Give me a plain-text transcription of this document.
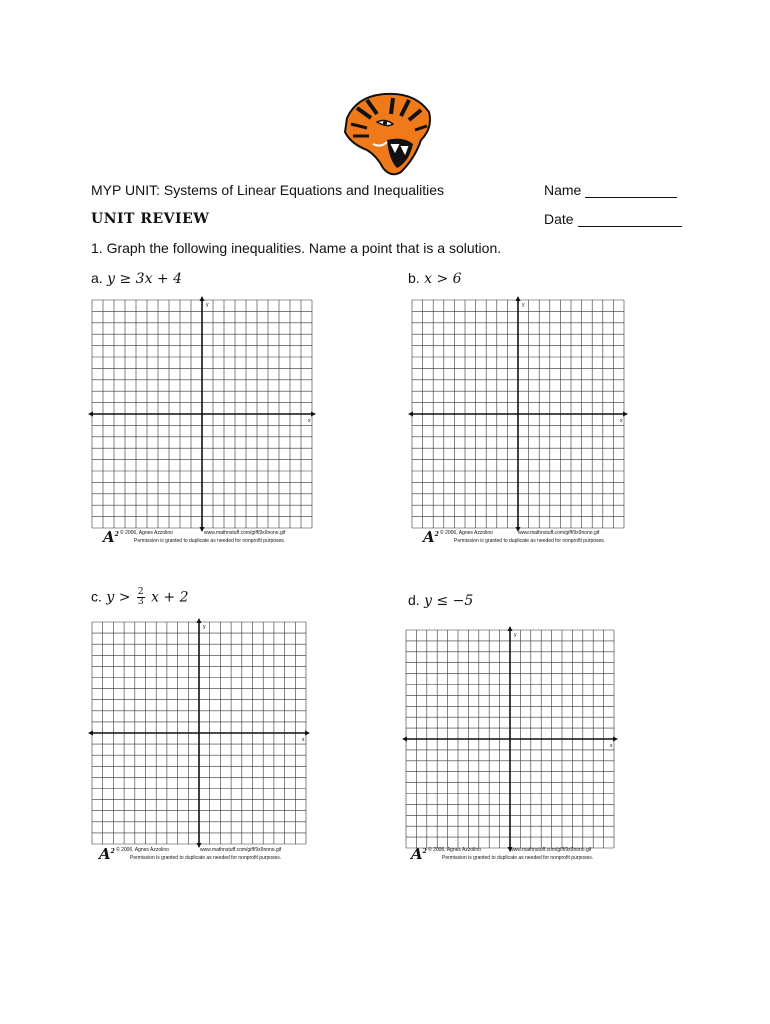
MYP UNIT: Systems of Linear Equations and Inequalities	Name
UNIT REVIEW	Date
1. Graph the following inequalities. Name a point that is a solution.
a. y ≥ 3x + 4	b. x > 6
c. $y > \frac{2}{3}$ x + 2	d. y ≤ −5
y
x
y
x
y
x
y
x
$A^2$ © 2006, Agnes Azzolino	www.mathnstuff.com/giff/9x9nono.gif
Permission is granted to duplicate as needed for nonprofit purposes.	$A^2$ © 2006, Agnes Azzolino	www.mathnstuff.com/giff/9x9nono.gif
Permission is granted to duplicate as needed for nonprofit purposes.
$A^2$ © 2006, Agnes Azzolino	www.mathnstuff.com/giff/9x9nono.gif
Permission is granted to duplicate as needed for nonprofit purposes.	$A^2$ © 2006, Agnes Azzolino	www.mathnstuff.com/giff/9x9nono.gif
Permission is granted to duplicate as needed for nonprofit purposes.
